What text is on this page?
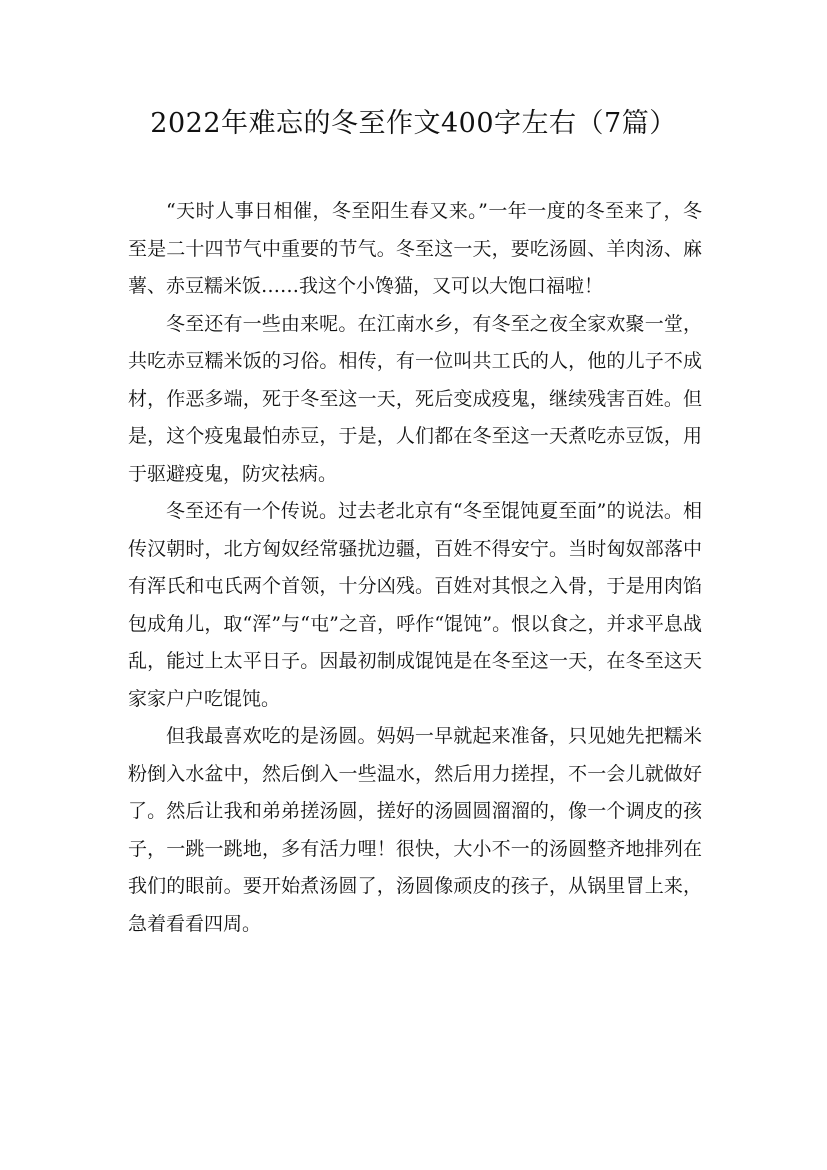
2022年难忘的冬至作文400字左右（7篇）

“天时人事日相催，冬至阳生春又来。”一年一度的冬至来了，冬至是二十四节气中重要的节气。冬至这一天，要吃汤圆、羊肉汤、麻薯、赤豆糯米饭……我这个小馋猫，又可以大饱口福啦！

冬至还有一些由来呢。在江南水乡，有冬至之夜全家欢聚一堂，共吃赤豆糯米饭的习俗。相传，有一位叫共工氏的人，他的儿子不成材，作恶多端，死于冬至这一天，死后变成疫鬼，继续残害百姓。但是，这个疫鬼最怕赤豆，于是，人们都在冬至这一天煮吃赤豆饭，用于驱避疫鬼，防灾祛病。

冬至还有一个传说。过去老北京有“冬至馄饨夏至面”的说法。相传汉朝时，北方匈奴经常骚扰边疆，百姓不得安宁。当时匈奴部落中有浑氏和屯氏两个首领，十分凶残。百姓对其恨之入骨，于是用肉馅包成角儿，取“浑”与“屯”之音，呼作“馄饨”。恨以食之，并求平息战乱，能过上太平日子。因最初制成馄饨是在冬至这一天，在冬至这天家家户户吃馄饨。

但我最喜欢吃的是汤圆。妈妈一早就起来准备，只见她先把糯米粉倒入水盆中，然后倒入一些温水，然后用力搓捏，不一会儿就做好了。然后让我和弟弟搓汤圆，搓好的汤圆圆溜溜的，像一个调皮的孩子，一跳一跳地，多有活力哩！很快，大小不一的汤圆整齐地排列在我们的眼前。要开始煮汤圆了，汤圆像顽皮的孩子，从锅里冒上来，急着看看四周。
